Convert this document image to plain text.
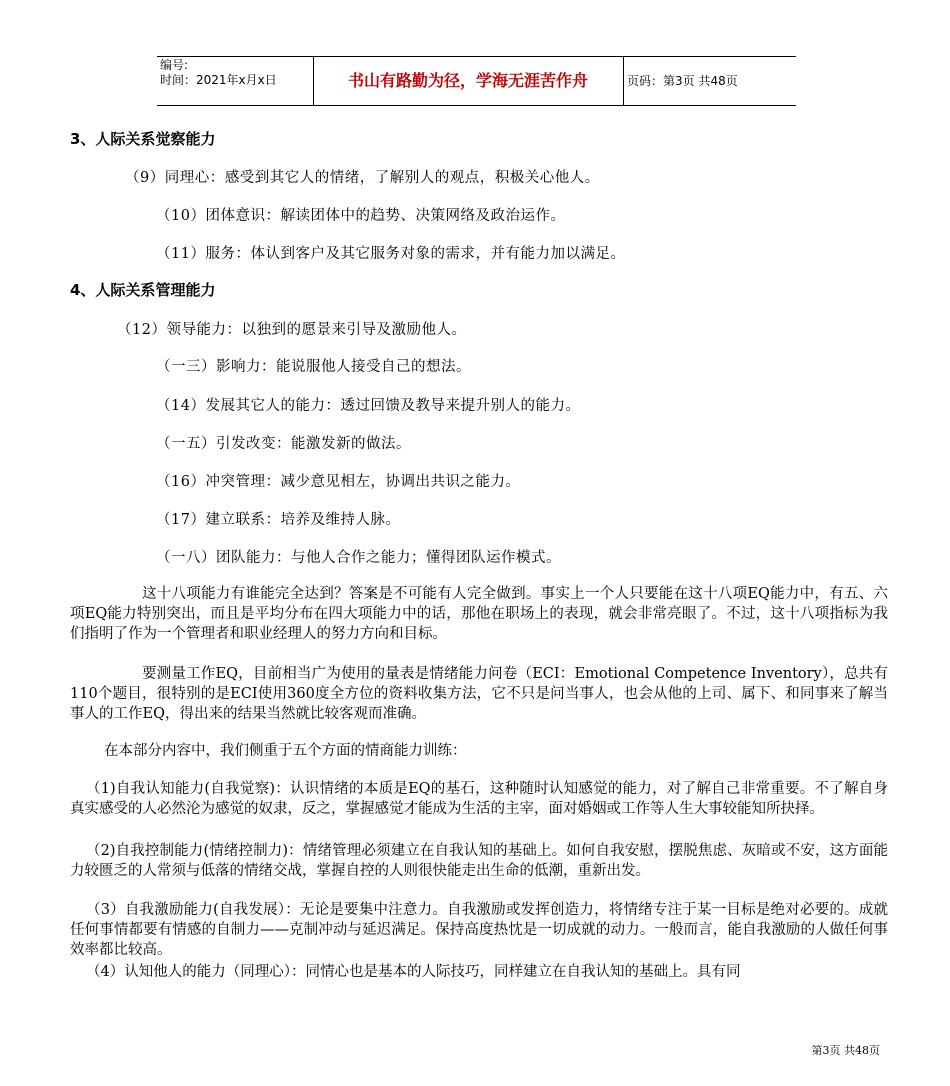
编号:
时间：2021年x月x日	书山有路勤为径，学海无涯苦作舟	页码：第3页 共48页
3、人际关系觉察能力
（9）同理心：感受到其它人的情绪，了解别人的观点，积极关心他人。
（10）团体意识：解读团体中的趋势、决策网络及政治运作。
（11）服务：体认到客户及其它服务对象的需求，并有能力加以满足。
4、人际关系管理能力
（12）领导能力：以独到的愿景来引导及激励他人。
（一三）影响力：能说服他人接受自己的想法。
（14）发展其它人的能力：透过回馈及教导来提升别人的能力。
（一五）引发改变：能激发新的做法。
（16）冲突管理：减少意见相左，协调出共识之能力。
（17）建立联系：培养及维持人脉。
（一八）团队能力：与他人合作之能力；懂得团队运作模式。
这十八项能力有谁能完全达到？答案是不可能有人完全做到。事实上一个人只要能在这十八项EQ能力中，有五、六项EQ能力特别突出，而且是平均分布在四大项能力中的话，那他在职场上的表现，就会非常亮眼了。不过，这十八项指标为我们指明了作为一个管理者和职业经理人的努力方向和目标。
要测量工作EQ，目前相当广为使用的量表是情绪能力问卷（ECI：Emotional Competence Inventory），总共有110个题目，很特别的是ECI使用360度全方位的资料收集方法，它不只是问当事人，也会从他的上司、属下、和同事来了解当事人的工作EQ，得出来的结果当然就比较客观而准确。
在本部分内容中，我们侧重于五个方面的情商能力训练：
（1)自我认知能力(自我觉察)：认识情绪的本质是EQ的基石，这种随时认知感觉的能力，对了解自己非常重要。不了解自身真实感受的人必然沦为感觉的奴隶，反之，掌握感觉才能成为生活的主宰，面对婚姻或工作等人生大事较能知所抉择。
（2)自我控制能力(情绪控制力)：情绪管理必须建立在自我认知的基础上。如何自我安慰，摆脱焦虑、灰暗或不安，这方面能力较匮乏的人常须与低落的情绪交战，掌握自控的人则很快能走出生命的低潮，重新出发。
（3）自我激励能力(自我发展）：无论是要集中注意力。自我激励或发挥创造力，将情绪专注于某一目标是绝对必要的。成就任何事情都要有情感的自制力——克制冲动与延迟满足。保持高度热忱是一切成就的动力。一般而言，能自我激励的人做任何事效率都比较高。
（4）认知他人的能力（同理心）：同情心也是基本的人际技巧，同样建立在自我认知的基础上。具有同
第3页 共48页
